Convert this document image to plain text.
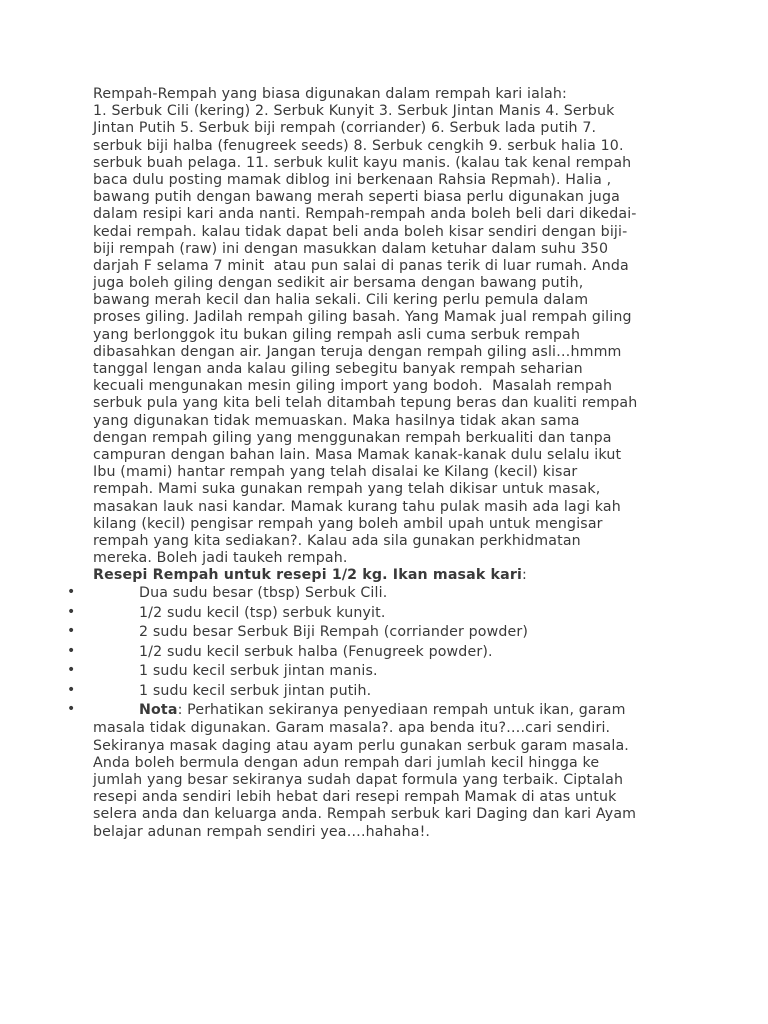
Rempah-Rempah yang biasa digunakan dalam rempah kari ialah:
1. Serbuk Cili (kering) 2. Serbuk Kunyit 3. Serbuk Jintan Manis 4. Serbuk
Jintan Putih 5. Serbuk biji rempah (corriander) 6. Serbuk lada putih 7.
serbuk biji halba (fenugreek seeds) 8. Serbuk cengkih 9. serbuk halia 10.
serbuk buah pelaga. 11. serbuk kulit kayu manis. (kalau tak kenal rempah
baca dulu posting mamak diblog ini berkenaan Rahsia Repmah). Halia ,
bawang putih dengan bawang merah seperti biasa perlu digunakan juga
dalam resipi kari anda nanti. Rempah-rempah anda boleh beli dari dikedai-
kedai rempah. kalau tidak dapat beli anda boleh kisar sendiri dengan biji-
biji rempah (raw) ini dengan masukkan dalam ketuhar dalam suhu 350
darjah F selama 7 minit  atau pun salai di panas terik di luar rumah. Anda
juga boleh giling dengan sedikit air bersama dengan bawang putih,
bawang merah kecil dan halia sekali. Cili kering perlu pemula dalam
proses giling. Jadilah rempah giling basah. Yang Mamak jual rempah giling
yang berlonggok itu bukan giling rempah asli cuma serbuk rempah
dibasahkan dengan air. Jangan teruja dengan rempah giling asli…hmmm
tanggal lengan anda kalau giling sebegitu banyak rempah seharian
kecuali mengunakan mesin giling import yang bodoh.  Masalah rempah
serbuk pula yang kita beli telah ditambah tepung beras dan kualiti rempah
yang digunakan tidak memuaskan. Maka hasilnya tidak akan sama
dengan rempah giling yang menggunakan rempah berkualiti dan tanpa
campuran dengan bahan lain. Masa Mamak kanak-kanak dulu selalu ikut
Ibu (mami) hantar rempah yang telah disalai ke Kilang (kecil) kisar
rempah. Mami suka gunakan rempah yang telah dikisar untuk masak,
masakan lauk nasi kandar. Mamak kurang tahu pulak masih ada lagi kah
kilang (kecil) pengisar rempah yang boleh ambil upah untuk mengisar
rempah yang kita sediakan?. Kalau ada sila gunakan perkhidmatan
mereka. Boleh jadi taukeh rempah.
Resepi Rempah untuk resepi 1/2 kg. Ikan masak kari:
•	Dua sudu besar (tbsp) Serbuk Cili.
•	1/2 sudu kecil (tsp) serbuk kunyit.
•	2 sudu besar Serbuk Biji Rempah (corriander powder)
•	1/2 sudu kecil serbuk halba (Fenugreek powder).
•	1 sudu kecil serbuk jintan manis.
•	1 sudu kecil serbuk jintan putih.
•	Nota: Perhatikan sekiranya penyediaan rempah untuk ikan, garam
masala tidak digunakan. Garam masala?. apa benda itu?….cari sendiri.
Sekiranya masak daging atau ayam perlu gunakan serbuk garam masala.
Anda boleh bermula dengan adun rempah dari jumlah kecil hingga ke
jumlah yang besar sekiranya sudah dapat formula yang terbaik. Ciptalah
resepi anda sendiri lebih hebat dari resepi rempah Mamak di atas untuk
selera anda dan keluarga anda. Rempah serbuk kari Daging dan kari Ayam
belajar adunan rempah sendiri yea….hahaha!.
